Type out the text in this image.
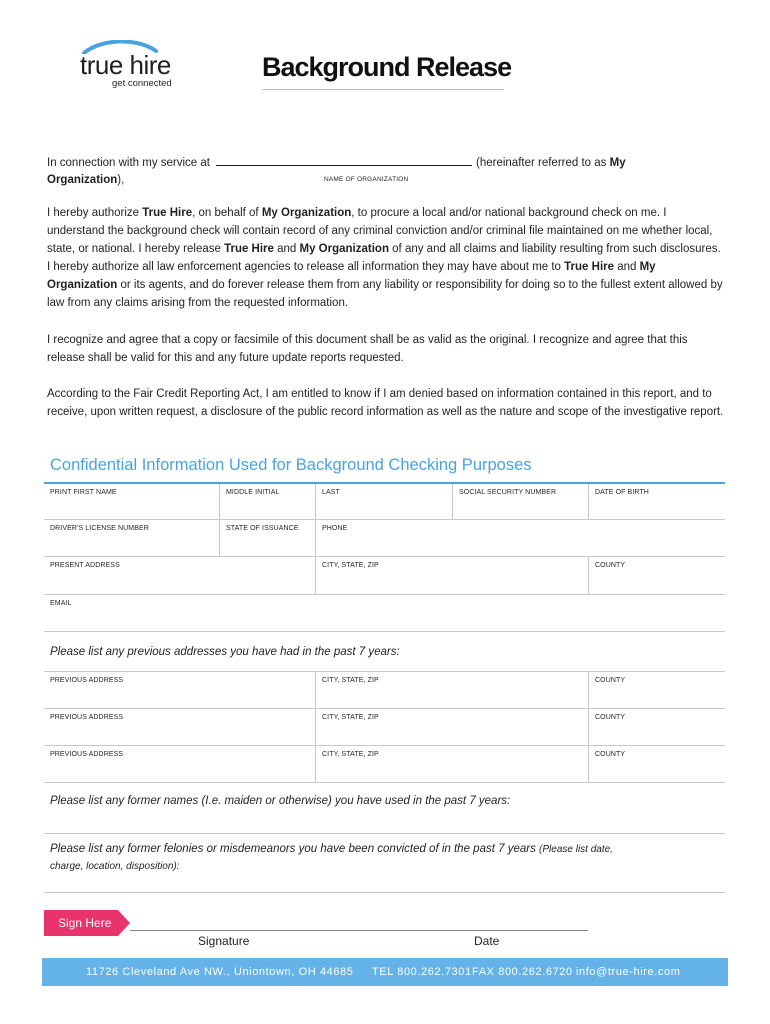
true hire
get connected
Background Release
In connection with my service at	(hereinafter referred to as
My
Organization),	NAME OF ORGANIZATION
I hereby authorize True Hire, on behalf of My Organization, to procure a local and/or national background check on me. I understand the background check will contain record of any criminal conviction and/or criminal file maintained on me whether local, state, or national. I hereby release True Hire and My Organization of any and all claims and liability resulting from such disclosures. I hereby authorize all law enforcement agencies to release all information they may have about me to True Hire and My Organization or its agents, and do forever release them from any liability or responsibility for doing so to the fullest extent allowed by law from any claims arising from the requested information.
I recognize and agree that a copy or facsimile of this document shall be as valid as the original. I recognize and agree that this release shall be valid for this and any future update reports requested.
According to the Fair Credit Reporting Act, I am entitled to know if I am denied based on information contained in this report, and to receive, upon written request, a disclosure of the public record information as well as the nature and scope of the investigative report.
Confidential Information Used for Background Checking Purposes
PRINT FIRST NAME	MIDDLE INITIAL	LAST	SOCIAL SECURITY NUMBER	DATE OF BIRTH
DRIVER'S LICENSE NUMBER	STATE OF ISSUANCE	PHONE
PRESENT ADDRESS	CITY, STATE, ZIP	COUNTY
EMAIL
Please list any previous addresses you have had in the past 7 years:
PREVIOUS ADDRESS	CITY, STATE, ZIP	COUNTY
PREVIOUS ADDRESS	CITY, STATE, ZIP	COUNTY
PREVIOUS ADDRESS	CITY, STATE, ZIP	COUNTY
Please list any former names (I.e. maiden or otherwise) you have used in the past 7 years:
Please list any former felonies or misdemeanors you have been convicted of in the past 7 years (Please list date,
charge, location, disposition):
Sign Here
Signature	Date
11726 Cleveland Ave NW., Uniontown, OH 44685 TEL 800.262.7301 FAX 800.262.6720 info@true-hire.com
